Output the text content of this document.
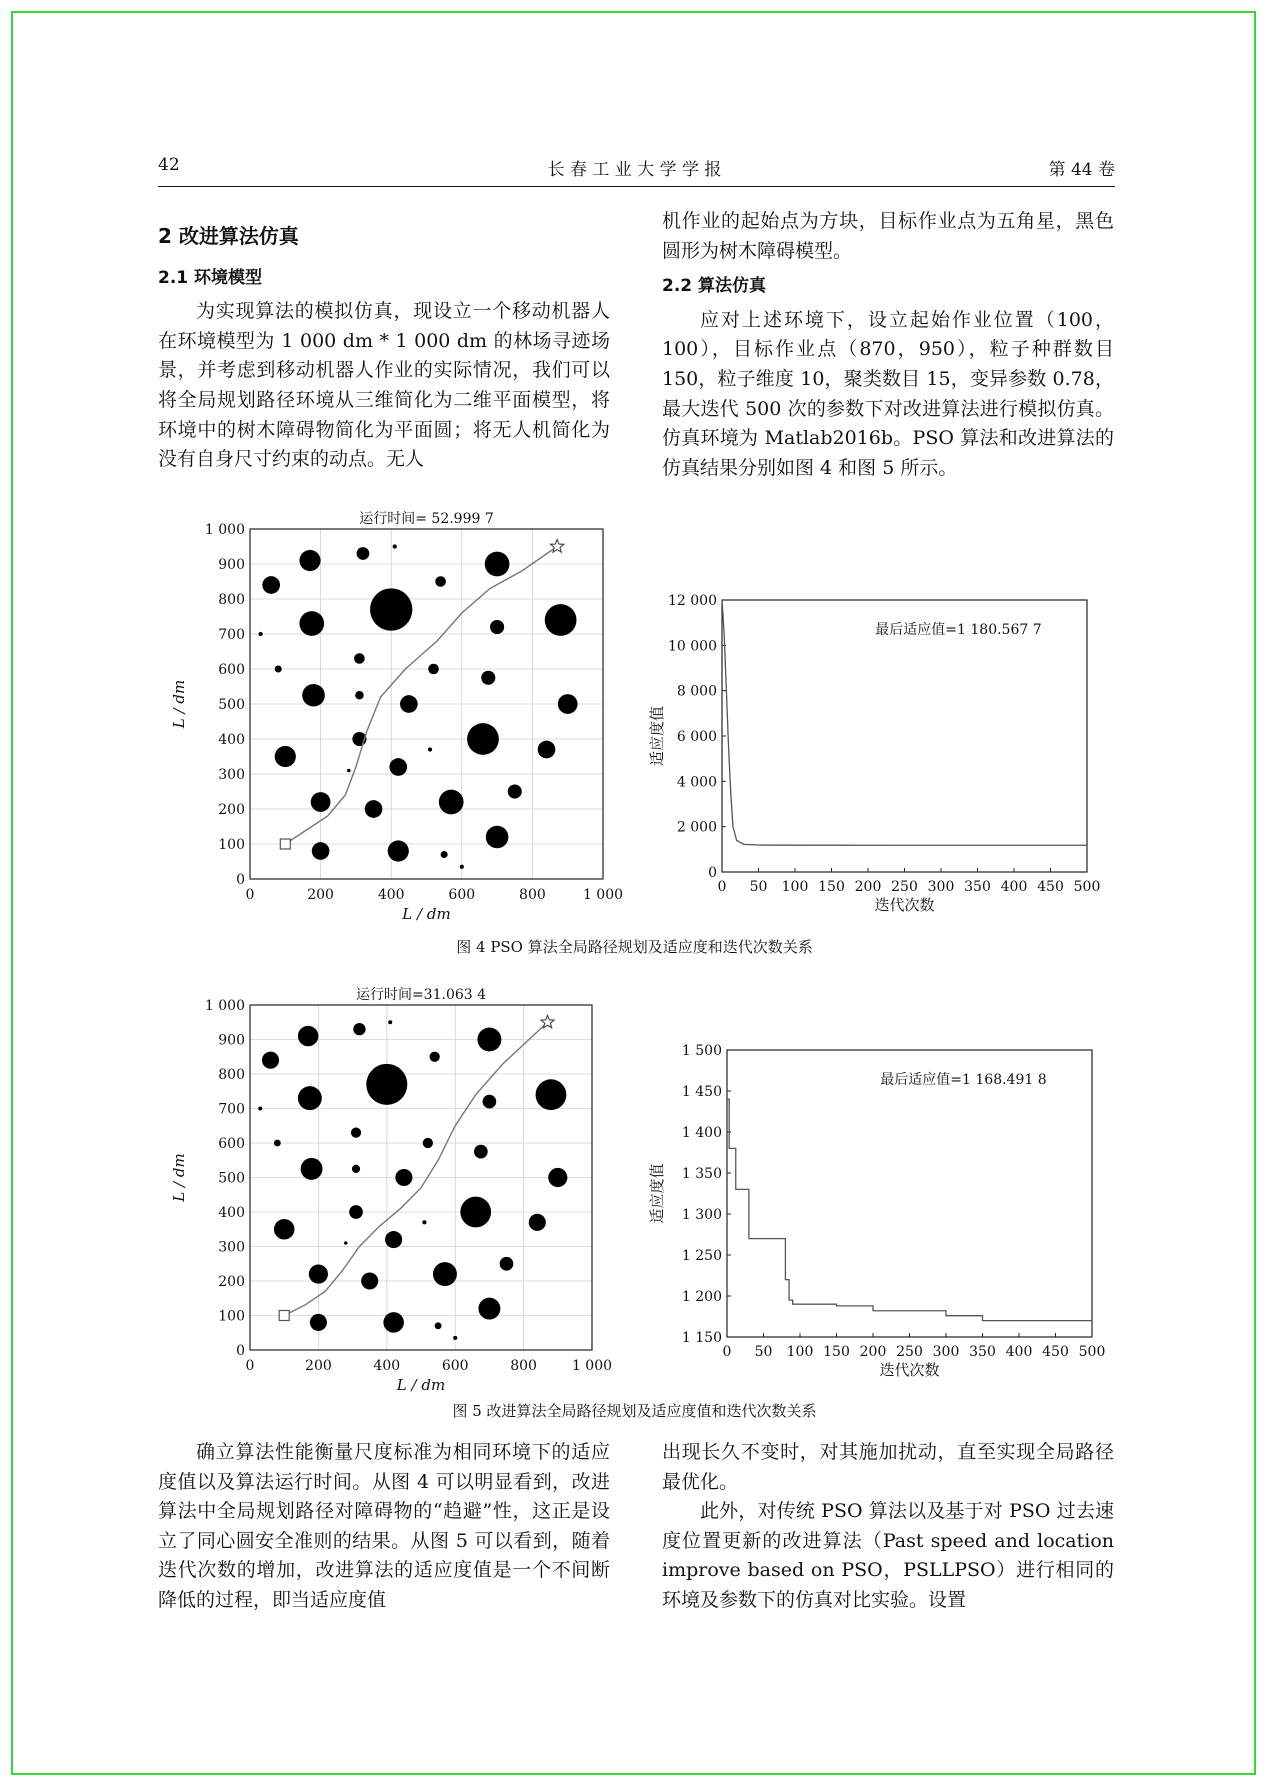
42	长 春 工 业 大 学 学 报	第 44 卷

2 改进算法仿真

2.1 环境模型

为实现算法的模拟仿真，现设立一个移动机器人在环境模型为 1 000 dm * 1 000 dm 的林场寻迹场景，并考虑到移动机器人作业的实际情况，我们可以将全局规划路径环境从三维简化为二维平面模型，将环境中的树木障碍物简化为平面圆；将无人机简化为没有自身尺寸约束的动点。无人

机作业的起始点为方块，目标作业点为五角星，黑色圆形为树木障碍模型。

2.2 算法仿真

应对上述环境下，设立起始作业位置（100，100），目标作业点（870，950），粒子种群数目 150，粒子维度 10，聚类数目 15，变异参数 0.78，最大迭代 500 次的参数下对改进算法进行模拟仿真。仿真环境为 Matlab2016b。PSO 算法和改进算法的仿真结果分别如图 4 和图 5 所示。

0	200	400	600	800	1 000
0
100
200
300
400
500
600
700
800
900
1 000
运行时间= 52.999 7
L / dm
L / dm
0 50 100 150 200 250 300 350 400 450 500
0
2 000
4 000
6 000
8 000
10 000
12 000
最后适应值=1 180.567 7
迭代次数
适应度值
图 4 PSO 算法全局路径规划及适应度和迭代次数关系
0	200	400	600	800 1 000
0
100
200
300
400
500
600
700
800
900
1 000
运行时间=31.063 4
L / dm
L / dm
0 50 100 150 200 250 300 350 400 450 500
1 150
1 200
1 250
1 300
1 350
1 400
1 450
1 500
最后适应值=1 168.491 8
迭代次数
适应度值
图 5 改进算法全局路径规划及适应度值和迭代次数关系

确立算法性能衡量尺度标准为相同环境下的适应度值以及算法运行时间。从图 4 可以明显看到，改进算法中全局规划路径对障碍物的“趋避”性，这正是设立了同心圆安全准则的结果。从图 5 可以看到，随着迭代次数的增加，改进算法的适应度值是一个不间断降低的过程，即当适应度值

出现长久不变时，对其施加扰动，直至实现全局路径最优化。

此外，对传统 PSO 算法以及基于对 PSO 过去速度位置更新的改进算法（Past speed and location improve based on PSO，PSLLPSO）进行相同的环境及参数下的仿真对比实验。设置
